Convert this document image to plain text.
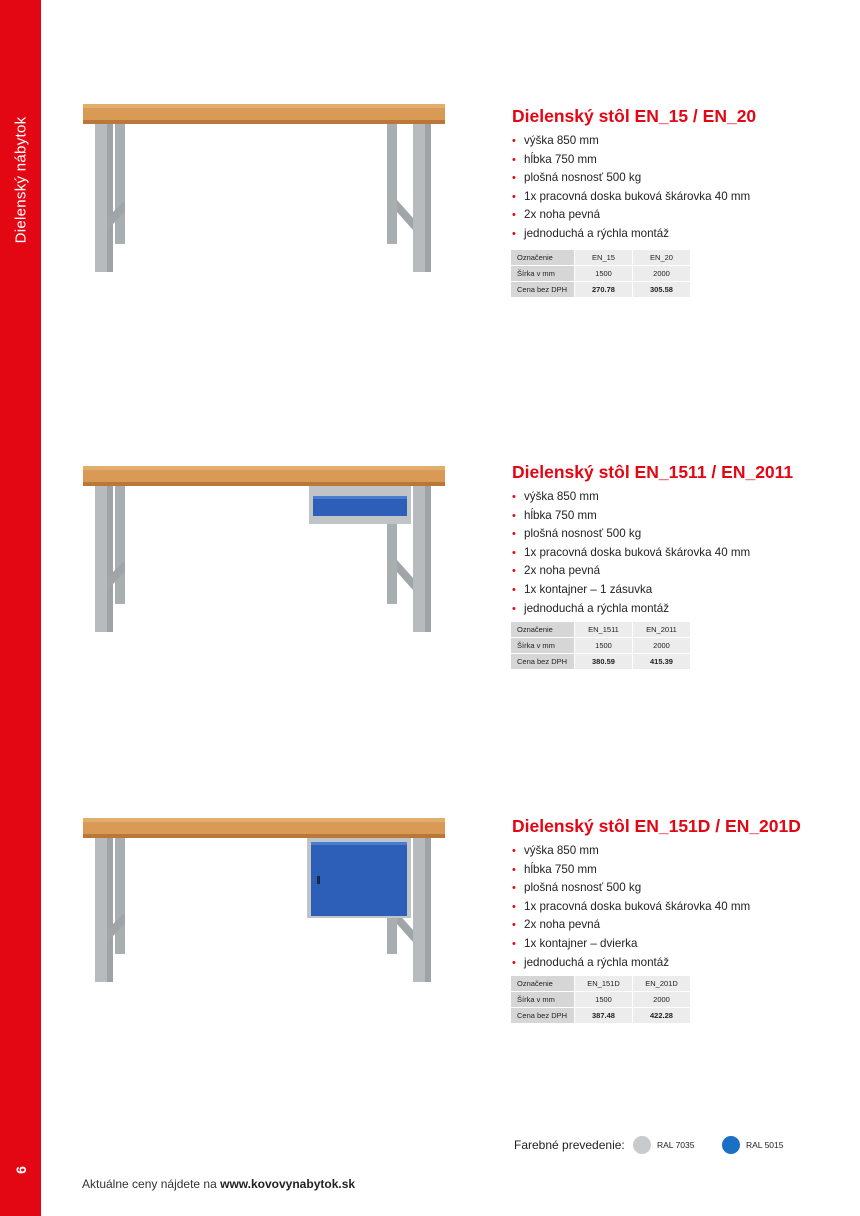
Dielenský nábytok
6
Dielenský stôl EN_15 / EN_20
• výška 850 mm
• hĺbka 750 mm
• plošná nosnosť 500 kg
• 1x pracovná doska buková škárovka 40 mm
• 2x noha pevná
• jednoduchá a rýchla montáž
Označenie	EN_15	EN_20
Šírka v mm	1500	2000
Cena bez DPH	270.78	305.58
Dielenský stôl EN_1511 / EN_2011
• výška 850 mm
• hĺbka 750 mm
• plošná nosnosť 500 kg
• 1x pracovná doska buková škárovka 40 mm
• 2x noha pevná
• 1x kontajner – 1 zásuvka
• jednoduchá a rýchla montáž
Označenie	EN_1511	EN_2011
Šírka v mm	1500	2000
Cena bez DPH	380.59	415.39
Dielenský stôl EN_151D / EN_201D
• výška 850 mm
• hĺbka 750 mm
• plošná nosnosť 500 kg
• 1x pracovná doska buková škárovka 40 mm
• 2x noha pevná
• 1x kontajner – dvierka
• jednoduchá a rýchla montáž
Označenie	EN_151D	EN_201D
Šírka v mm	1500	2000
Cena bez DPH	387.48	422.28
Farebné prevedenie:	RAL 7035	RAL 5015
Aktuálne ceny nájdete na www.kovovynabytok.sk
